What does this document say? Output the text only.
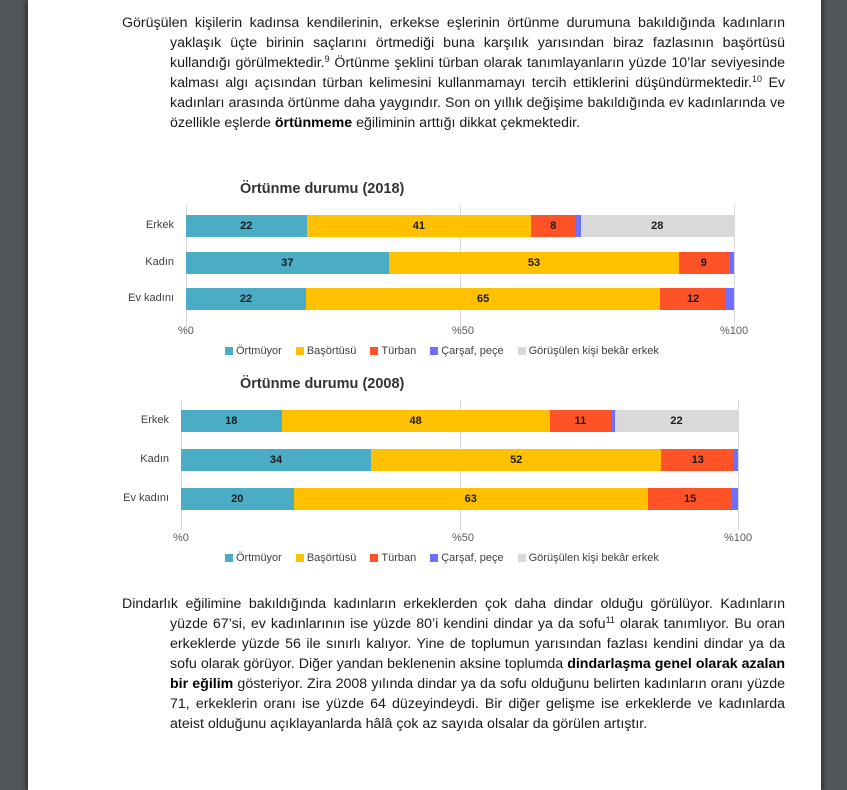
Görüşülen kişilerin kadınsa kendilerinin, erkekse eşlerinin örtünme durumuna bakıldığında kadınların yaklaşık üçte birinin saçlarını örtmediği buna karşılık yarısından biraz fazlasının başörtüsü kullandığı görülmektedir.$^9$ Örtünme şeklini türban olarak tanımlayanların yüzde 10’lar seviyesinde kalması algı açısından türban kelimesini kullanmamayı tercih ettiklerini düşündürmektedir.$^{10}$ Ev kadınları arasında örtünme daha yaygındır. Son on yıllık değişime bakıldığında ev kadınlarında ve özellikle eşlerde örtünmeme eğiliminin arttığı dikkat çekmektedir.
Örtünme durumu (2018)
Erkek	22	41	8	28
Kadın	37	53	9
Ev kadını	22	65	12
%0	%50	%100
Örtmüyor Başörtüsü Türban Çarşaf, peçe Görüşülen kişi bekâr erkek
Örtünme durumu (2008)
Erkek	18	48	11	22
Kadın	34	52	13
Ev kadını	20	63	15
%0	%50	%100
Örtmüyor Başörtüsü Türban Çarşaf, peçe Görüşülen kişi bekâr erkek
Dindarlık eğilimine bakıldığında kadınların erkeklerden çok daha dindar olduğu görülüyor. Kadınların yüzde 67’si, ev kadınlarının ise yüzde 80’i kendini dindar ya da sofu$^{11}$ olarak tanımlıyor. Bu oran erkeklerde yüzde 56 ile sınırlı kalıyor. Yine de toplumun yarısından fazlası kendini dindar ya da sofu olarak görüyor. Diğer yandan beklenenin aksine toplumda dindarlaşma genel olarak azalan bir eğilim gösteriyor. Zira 2008 yılında dindar ya da sofu olduğunu belirten kadınların oranı yüzde 71, erkeklerin oranı ise yüzde 64 düzeyindeydi. Bir diğer gelişme ise erkeklerde ve kadınlarda ateist olduğunu açıklayanlarda hâlâ çok az sayıda olsalar da görülen artıştır.
